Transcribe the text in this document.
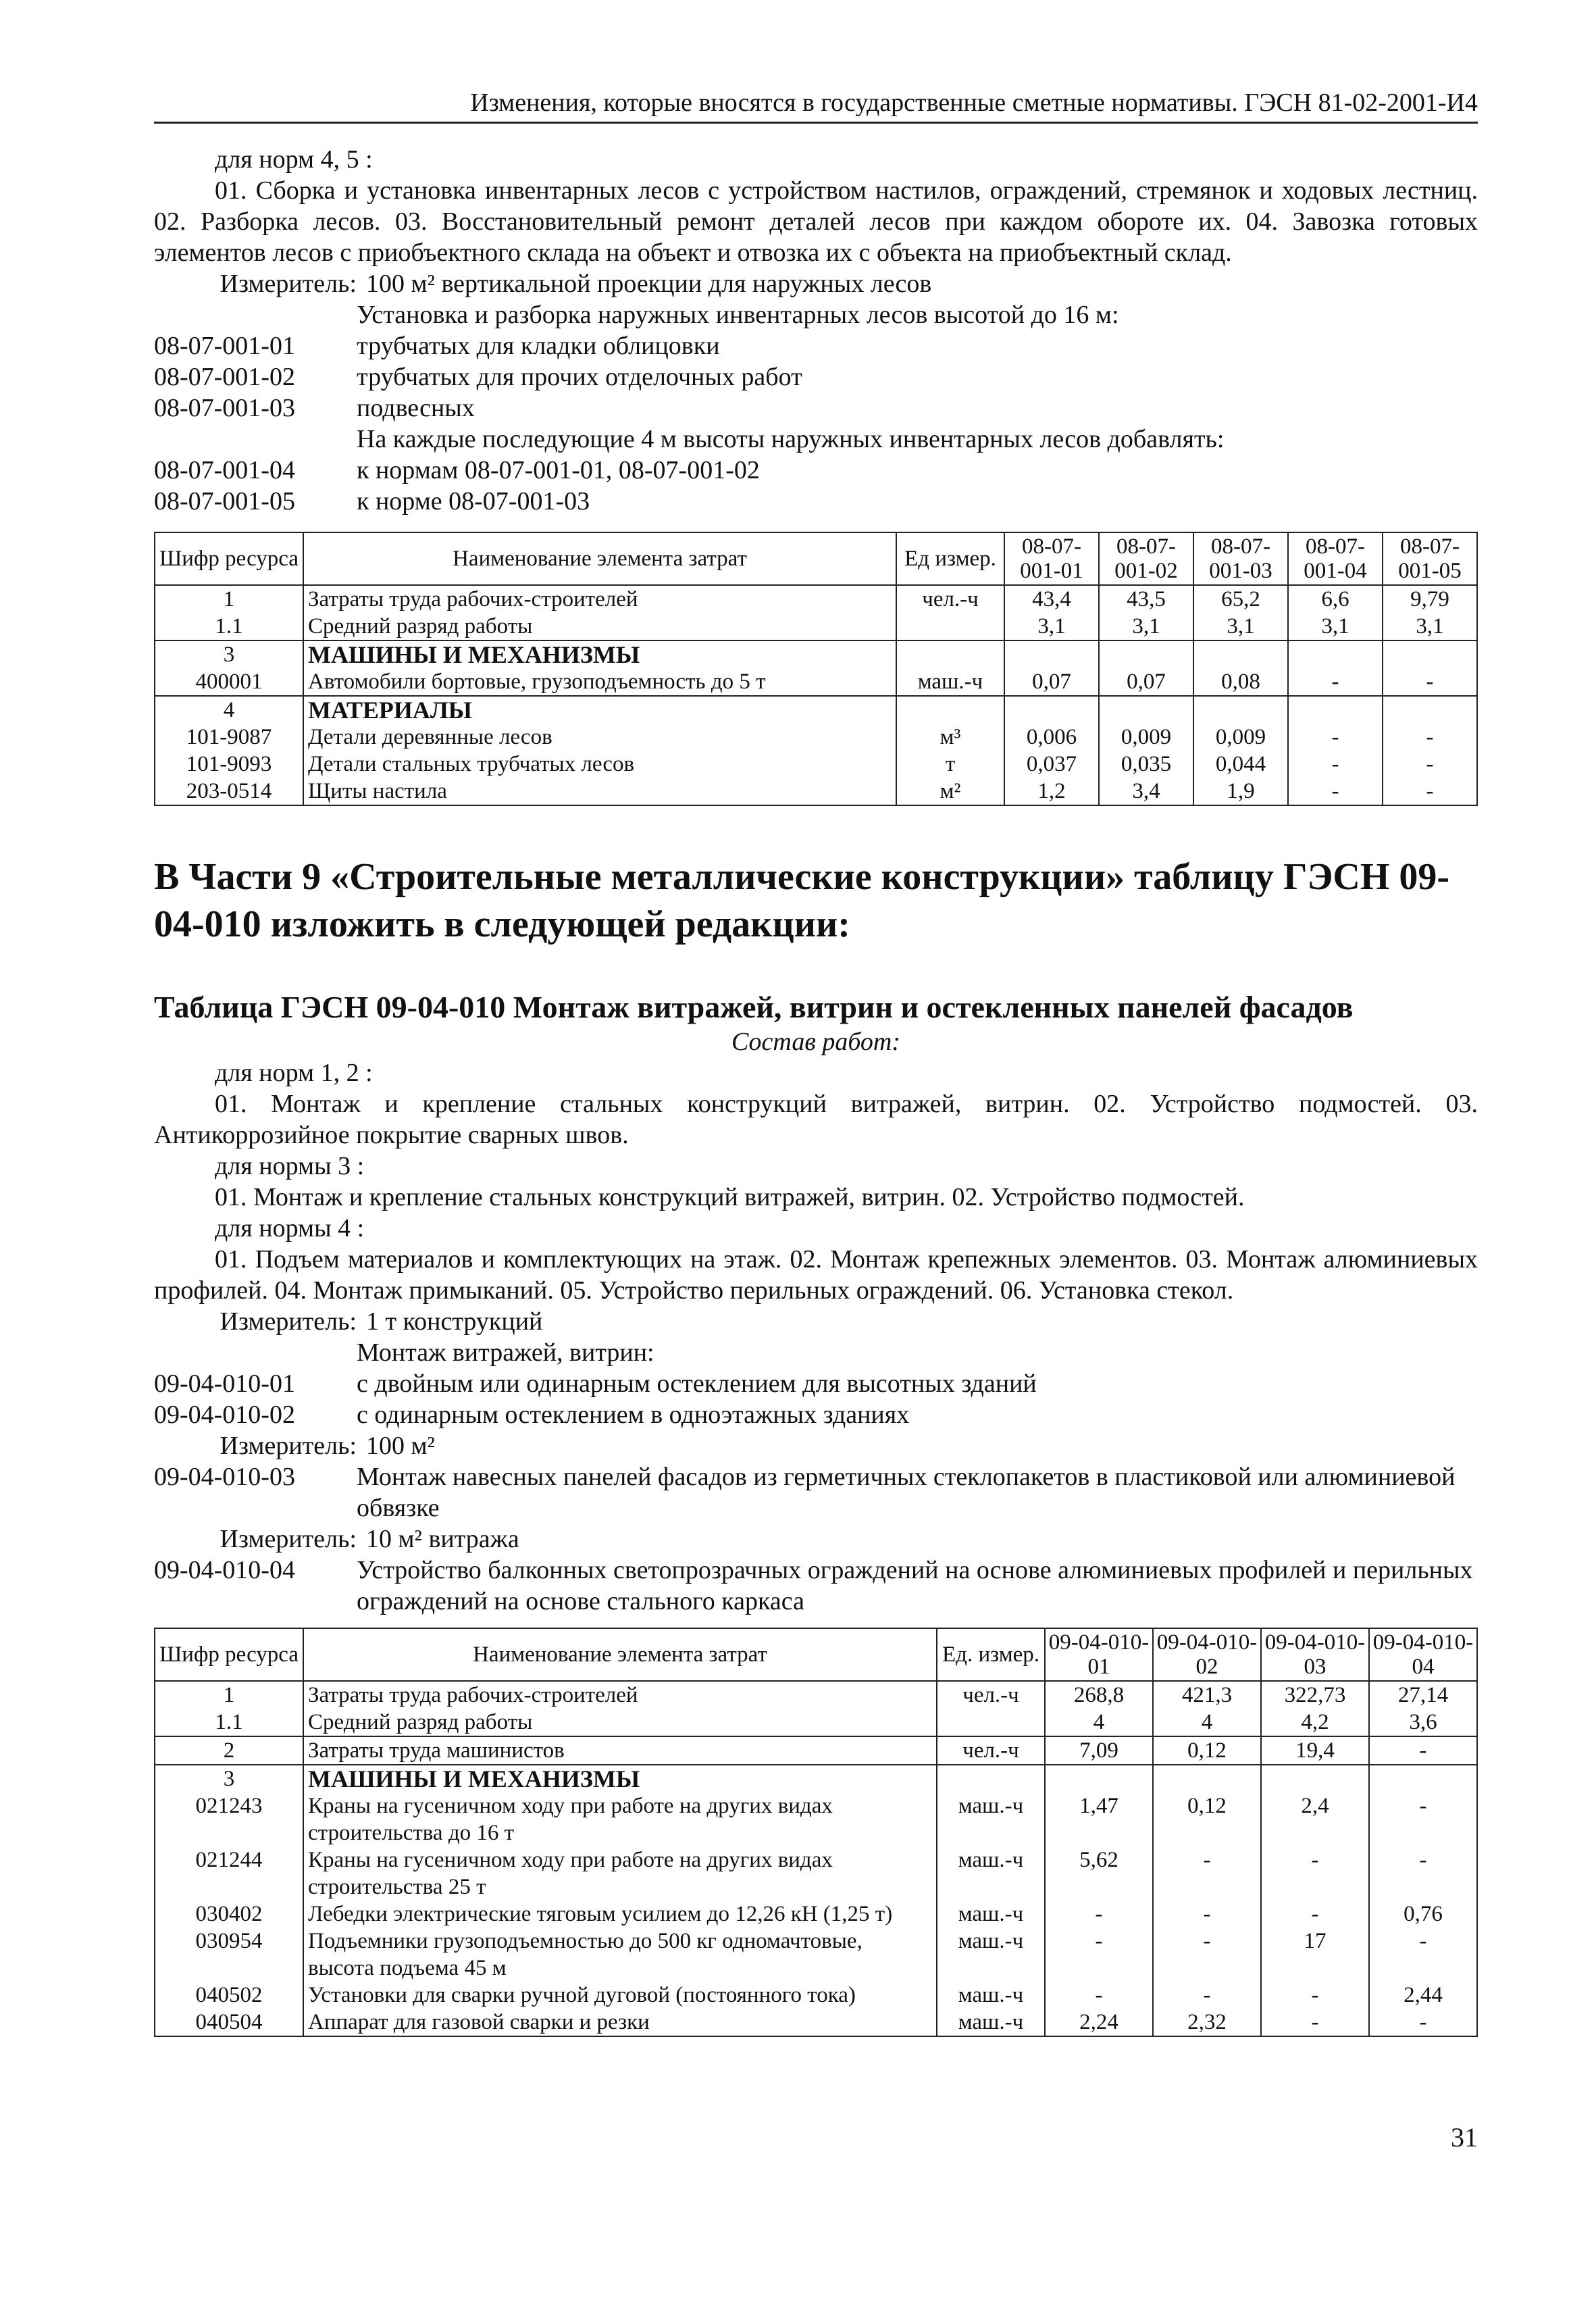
Изменения, которые вносятся в государственные сметные нормативы. ГЭСН 81-02-2001-И4
для норм 4, 5 :
01. Сборка и установка инвентарных лесов с устройством настилов, ограждений, стремянок и ходовых лестниц. 02. Разборка лесов. 03. Восстановительный ремонт деталей лесов при каждом обороте их. 04. Завозка готовых элементов лесов с приобъектного склада на объект и отвозка их с объекта на приобъектный склад.
Измеритель: 100 м² вертикальной проекции для наружных лесов
Установка и разборка наружных инвентарных лесов высотой до 16 м:
08-07-001-01	трубчатых для кладки облицовки
08-07-001-02	трубчатых для прочих отделочных работ
08-07-001-03	подвесных
На каждые последующие 4 м высоты наружных инвентарных лесов добавлять:
08-07-001-04	к нормам 08-07-001-01, 08-07-001-02
08-07-001-05	к норме 08-07-001-03
Шифр ресурса	Наименование элемента затрат	Ед измер.	08-07-001-01	08-07-001-02	08-07-001-03	08-07-001-04	08-07-001-05
1	Затраты труда рабочих-строителей	чел.-ч	43,4	43,5	65,2	6,6	9,79
1.1	Средний разряд работы		3,1	3,1	3,1	3,1	3,1
3	МАШИНЫ И МЕХАНИЗМЫ						
400001	Автомобили бортовые, грузоподъемность до 5 т	маш.-ч	0,07	0,07	0,08	-	-
4	МАТЕРИАЛЫ						
101-9087	Детали деревянные лесов	м³	0,006	0,009	0,009	-	-
101-9093	Детали стальных трубчатых лесов	т	0,037	0,035	0,044	-	-
203-0514	Щиты настила	м²	1,2	3,4	1,9	-	-
В Части 9 «Строительные металлические конструкции» таблицу ГЭСН 09-04-010 изложить в следующей редакции:
Таблица ГЭСН 09-04-010 Монтаж витражей, витрин и остекленных панелей фасадов
Состав работ:
для норм 1, 2 :
01. Монтаж и крепление стальных конструкций витражей, витрин. 02. Устройство подмостей. 03. Антикоррозийное покрытие сварных швов.
для нормы 3 :
01. Монтаж и крепление стальных конструкций витражей, витрин. 02. Устройство подмостей.
для нормы 4 :
01. Подъем материалов и комплектующих на этаж. 02. Монтаж крепежных элементов. 03. Монтаж алюминиевых профилей. 04. Монтаж примыканий. 05. Устройство перильных ограждений. 06. Установка стекол.
Измеритель: 1 т конструкций
Монтаж витражей, витрин:
09-04-010-01	с двойным или одинарным остеклением для высотных зданий
09-04-010-02	с одинарным остеклением в одноэтажных зданиях
Измеритель: 100 м²
09-04-010-03	Монтаж навесных панелей фасадов из герметичных стеклопакетов в пластиковой или алюминиевой обвязке
Измеритель: 10 м² витража
09-04-010-04	Устройство балконных светопрозрачных ограждений на основе алюминиевых профилей и перильных ограждений на основе стального каркаса
Шифр ресурса	Наименование элемента затрат	Ед. измер.	09-04-010-01	09-04-010-02	09-04-010-03	09-04-010-04
1	Затраты труда рабочих-строителей	чел.-ч	268,8	421,3	322,73	27,14
1.1	Средний разряд работы		4	4	4,2	3,6
2	Затраты труда машинистов	чел.-ч	7,09	0,12	19,4	-
3	МАШИНЫ И МЕХАНИЗМЫ					
021243	Краны на гусеничном ходу при работе на других видах строительства до 16 т	маш.-ч	1,47	0,12	2,4	-
021244	Краны на гусеничном ходу при работе на других видах строительства 25 т	маш.-ч	5,62	-	-	-
030402	Лебедки электрические тяговым усилием до 12,26 кН (1,25 т)	маш.-ч	-	-	-	0,76
030954	Подъемники грузоподъемностью до 500 кг одномачтовые, высота подъема 45 м	маш.-ч	-	-	17	-
040502	Установки для сварки ручной дуговой (постоянного тока)	маш.-ч	-	-	-	2,44
040504	Аппарат для газовой сварки и резки	маш.-ч	2,24	2,32	-	-
31
